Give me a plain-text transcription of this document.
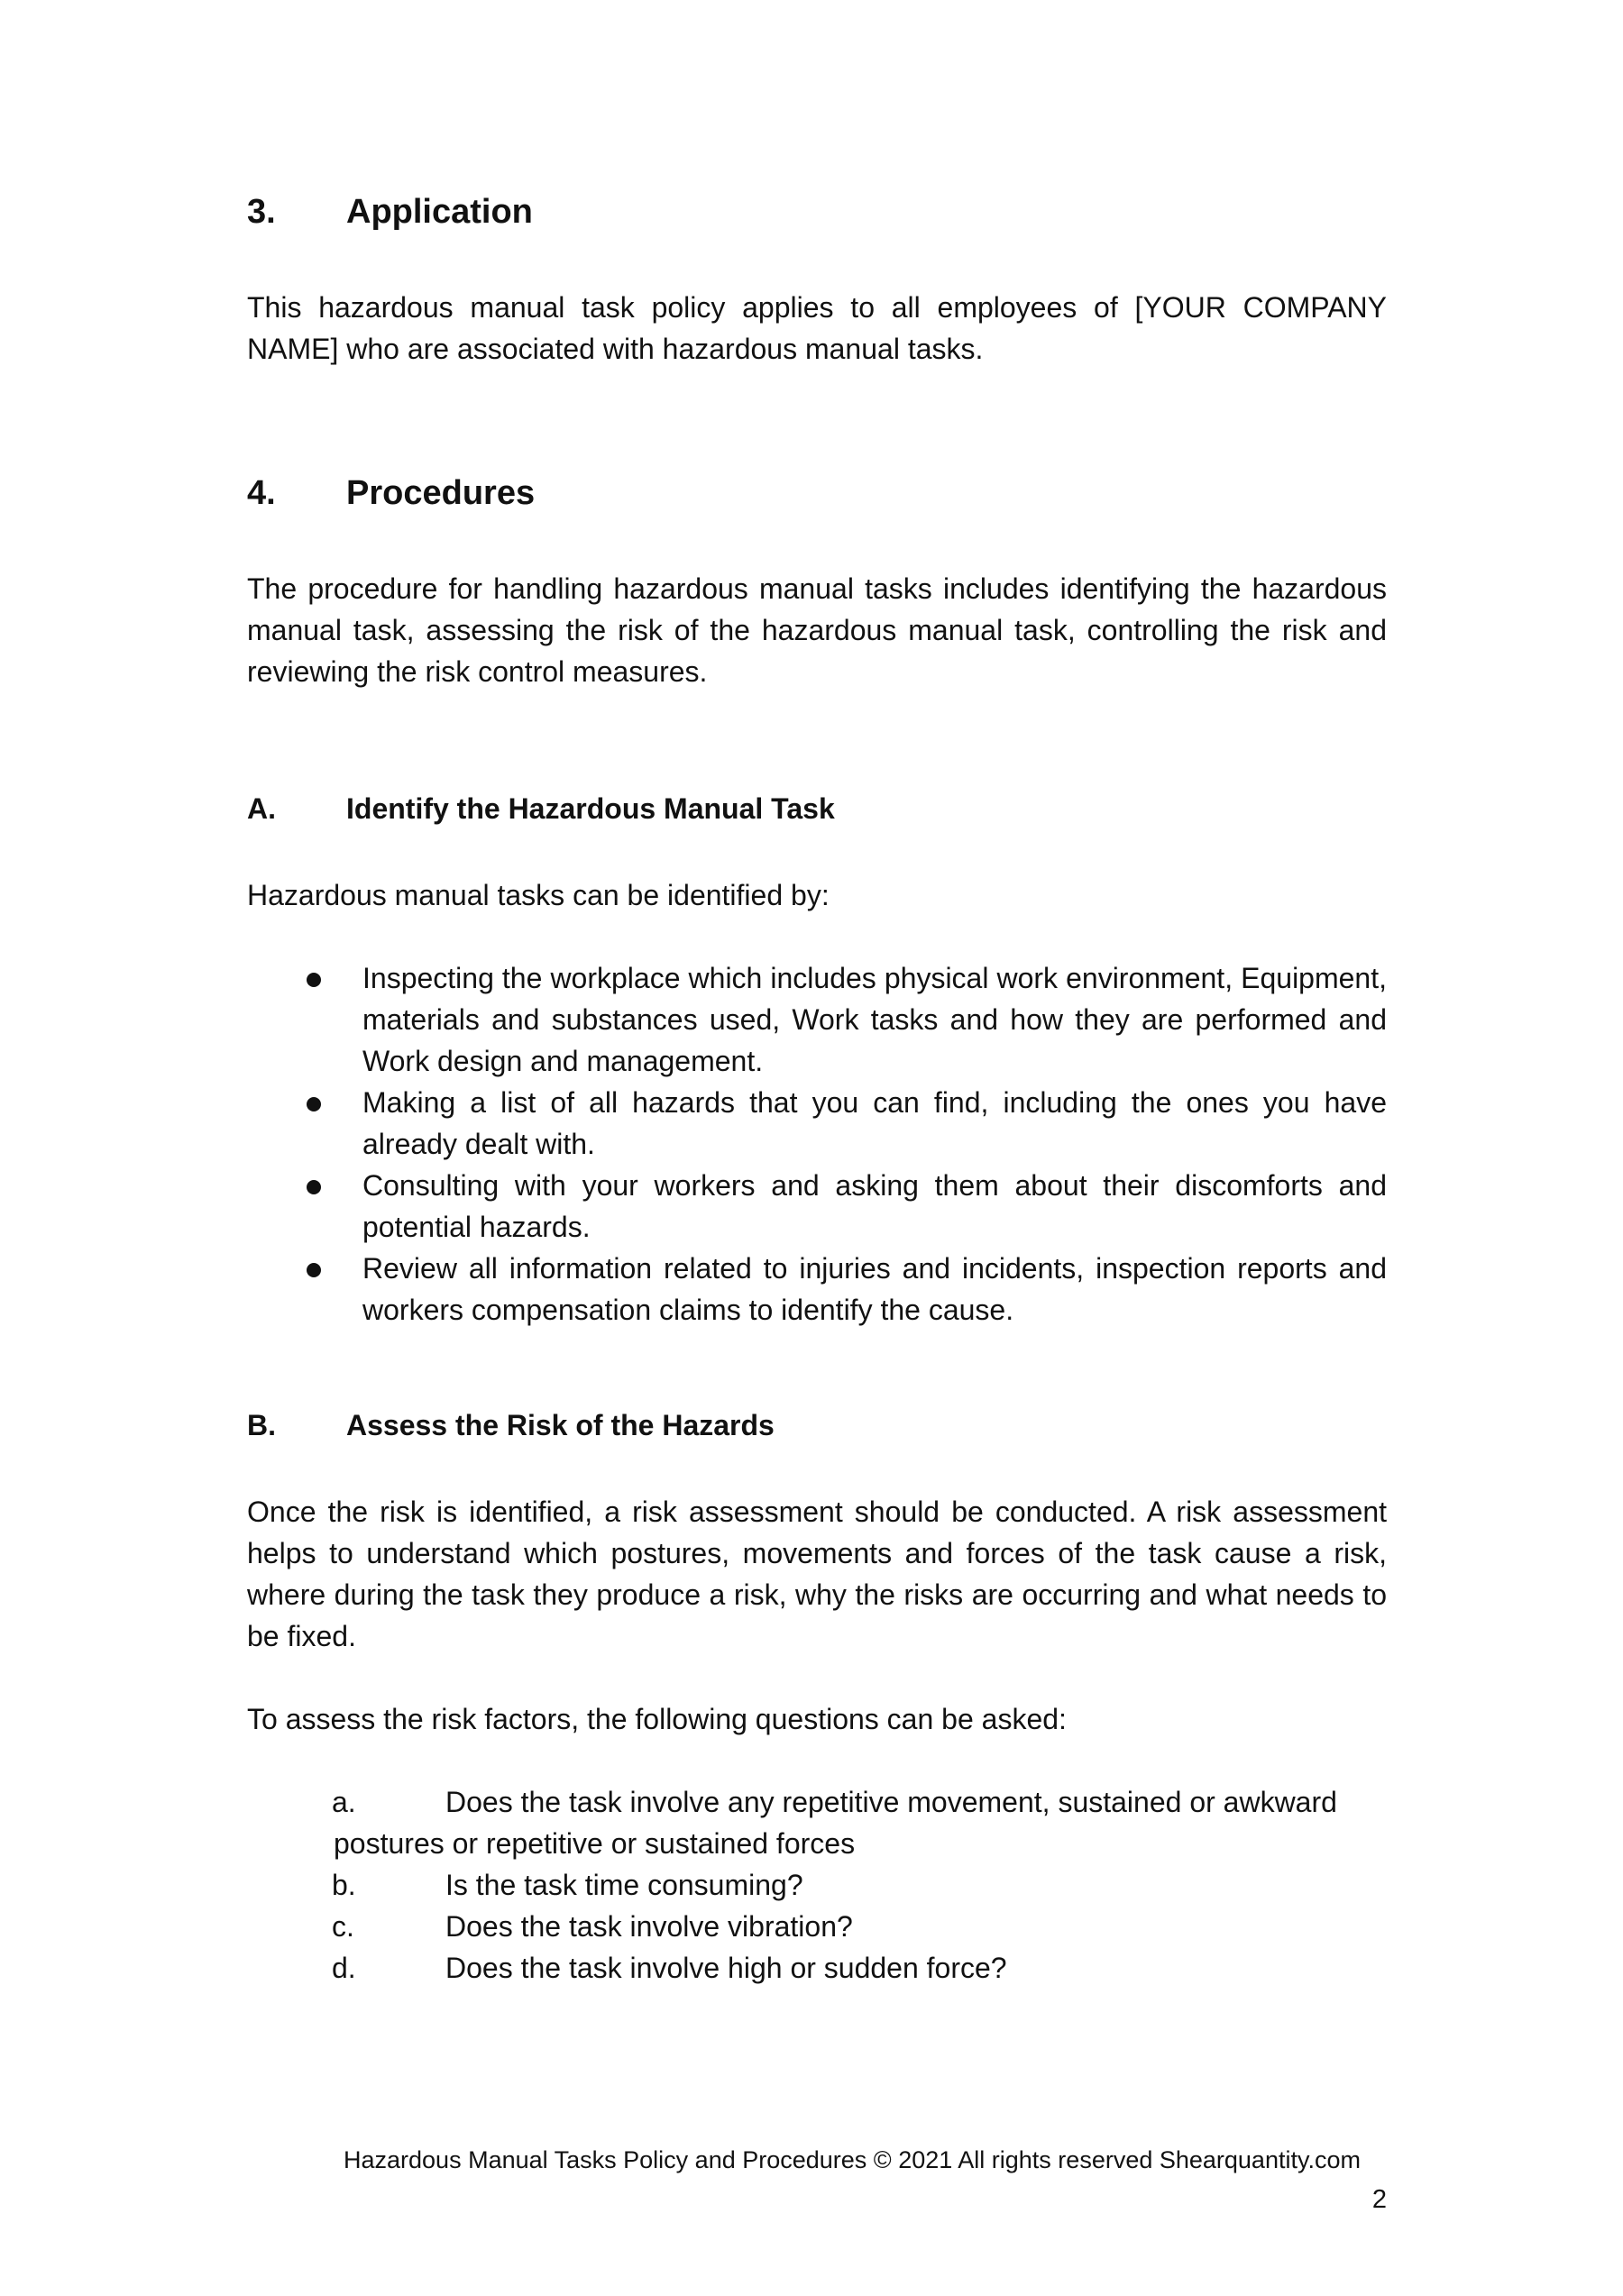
3.	Application

This hazardous manual task policy applies to all employees of [YOUR COMPANY NAME] who are associated with hazardous manual tasks.

4.	Procedures

The procedure for handling hazardous manual tasks includes identifying the hazardous manual task, assessing the risk of the hazardous manual task, controlling the risk and reviewing the risk control measures.

A.	Identify the Hazardous Manual Task

Hazardous manual tasks can be identified by:

Inspecting the workplace which includes physical work environment, Equipment, materials and substances used, Work tasks and how they are performed and Work design and management.
Making a list of all hazards that you can find, including the ones you have already dealt with.
Consulting with your workers and asking them about their discomforts and potential hazards.
Review all information related to injuries and incidents, inspection reports and workers compensation claims to identify the cause.
B.	Assess the Risk of the Hazards

Once the risk is identified, a risk assessment should be conducted. A risk assessment helps to understand which postures, movements and forces of the task cause a risk, where during the task they produce a risk, why the risks are occurring and what needs to be fixed.

To assess the risk factors, the following questions can be asked:

a.	Does the task involve any repetitive movement, sustained or awkward
postures or repetitive or sustained forces
b.	Is the task time consuming?
c.	Does the task involve vibration?
d.	Does the task involve high or sudden force?
Hazardous Manual Tasks Policy and Procedures © 2021 All rights reserved Shearquantity.com
2
